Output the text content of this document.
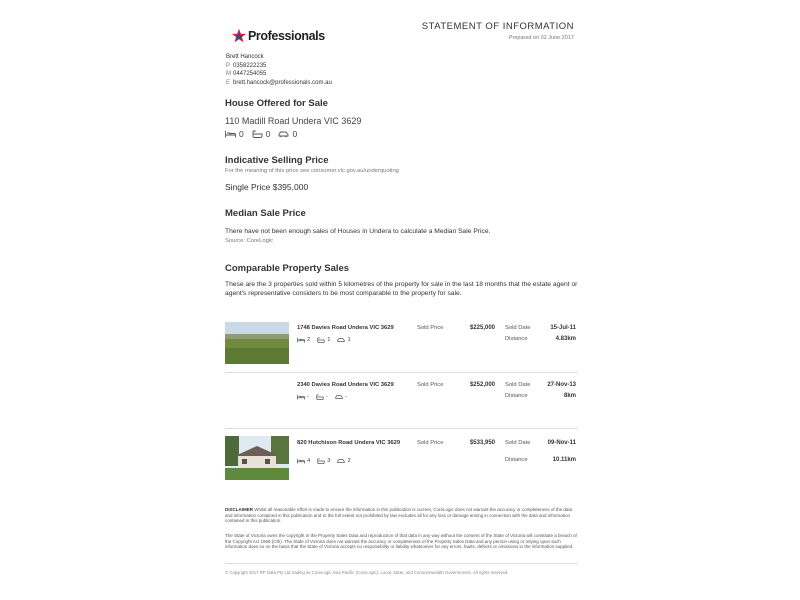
Professionals
STATEMENT OF INFORMATION
Prepared on 02 June 2017
Brett Hancock
P 0358222235
M 0447254055
E brett.hancock@professionals.com.au
House Offered for Sale
110 Madill Road Undera VIC 3629
0	0	0
Indicative Selling Price
For the meaning of this price see consumer.vic.gov.au/underquoting
Single Price $395,000
Median Sale Price
There have not been enough sales of Houses in Undera to calculate a Median Sale Price.
Source: CoreLogic
Comparable Property Sales
These are the 3 properties sold within 5 kilometres of the property for sale in the last 18 months that the estate agent or agent's representative considers to be most comparable to the property for sale.
1748 Davies Road Undera VIC 3629	Sold Price	$225,000 Sold Date	15-Jul-11
Distance	4.83km
2	1	1
2340 Davies Road Undera VIC 3629	Sold Price	$252,000 Sold Date	27-Nov-13
Distance	8km
-	-	-
820 Hutchison Road Undera VIC 3629	Sold Price	$533,950 Sold Date	09-Nov-11
Distance	10.11km
4	3	2
DISCLAIMER Whilst all reasonable effort is made to ensure the information in this publication is current, CoreLogic does not warrant the accuracy or completeness of the data and information contained in this publication and to the full extent not prohibited by law excludes all for any loss or damage arising in connection with the data and information contained in this publication.
The State of Victoria owns the copyright in the Property Sales Data and reproduction of that data in any way without the consent of the State of Victoria will constitute a breach of the Copyright Act 1968 (Cth). The State of Victoria does not warrant the accuracy or completeness of the Property Sales Data and any person using or relying upon such information does so on the basis that the State of Victoria accepts no responsibility or liability whatsoever for any errors, faults, defects or omissions in the information supplied.
© Copyright 2017 RP Data Pty Ltd trading as CoreLogic Asia Pacific (CoreLogic), Local, State, and Commonwealth Governments. All rights reserved.
